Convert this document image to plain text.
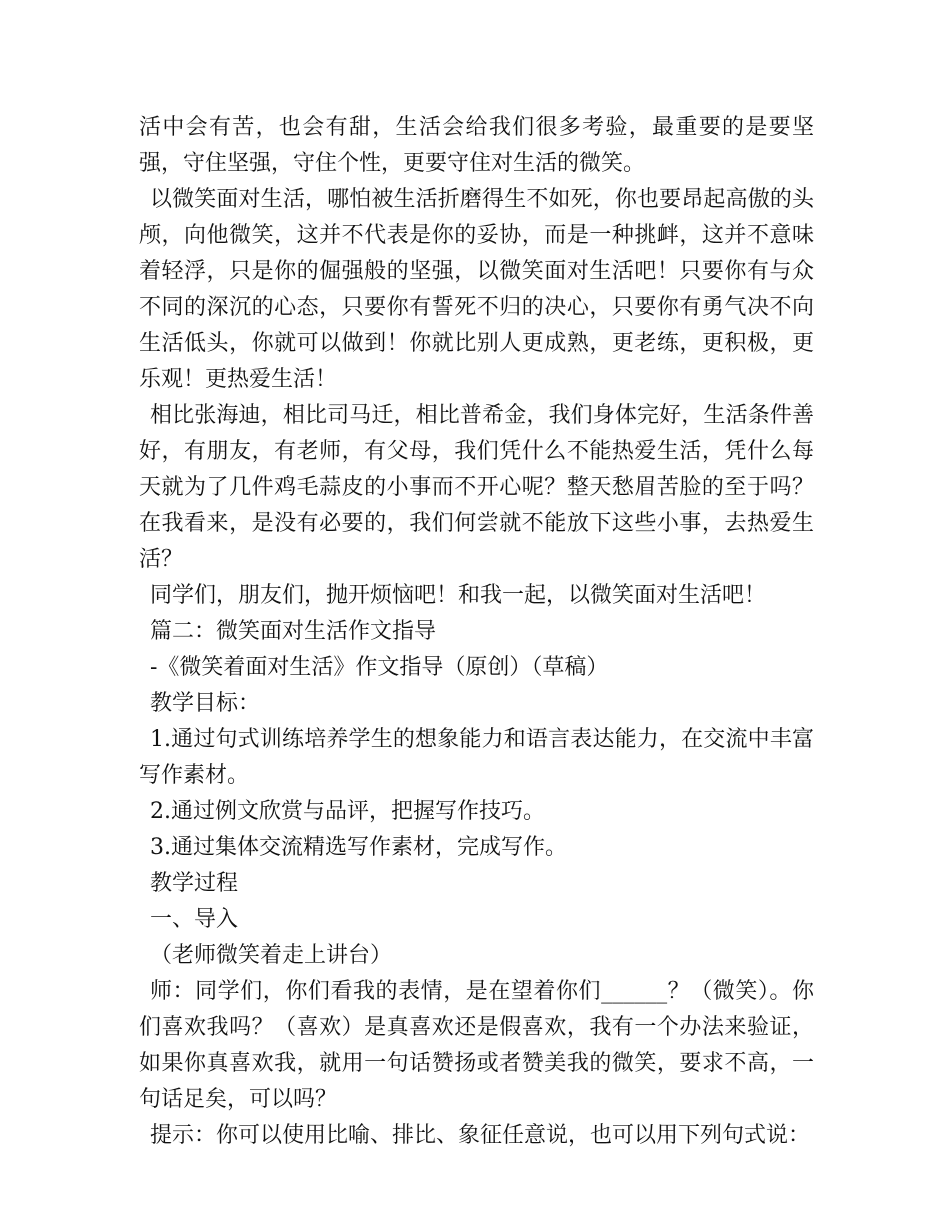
活中会有苦，也会有甜，生活会给我们很多考验，最重要的是要坚强，守住坚强，守住个性，更要守住对生活的微笑。

以微笑面对生活，哪怕被生活折磨得生不如死，你也要昂起高傲的头颅，向他微笑，这并不代表是你的妥协，而是一种挑衅，这并不意味着轻浮，只是你的倔强般的坚强，以微笑面对生活吧！只要你有与众不同的深沉的心态，只要你有誓死不归的决心，只要你有勇气决不向生活低头，你就可以做到！你就比别人更成熟，更老练，更积极，更乐观！更热爱生活！

相比张海迪，相比司马迁，相比普希金，我们身体完好，生活条件善好，有朋友，有老师，有父母，我们凭什么不能热爱生活，凭什么每天就为了几件鸡毛蒜皮的小事而不开心呢？整天愁眉苦脸的至于吗？在我看来，是没有必要的，我们何尝就不能放下这些小事，去热爱生活？

同学们，朋友们，抛开烦恼吧！和我一起，以微笑面对生活吧！

篇二：微笑面对生活作文指导

-《微笑着面对生活》作文指导（原创）（草稿）

教学目标：

1.通过句式训练培养学生的想象能力和语言表达能力，在交流中丰富写作素材。

2.通过例文欣赏与品评，把握写作技巧。

3.通过集体交流精选写作素材，完成写作。

教学过程

一、导入

（老师微笑着走上讲台）

师：同学们，你们看我的表情，是在望着你们______？（微笑）。你们喜欢我吗？（喜欢）是真喜欢还是假喜欢，我有一个办法来验证，如果你真喜欢我，就用一句话赞扬或者赞美我的微笑，要求不高，一句话足矣，可以吗？

提示：你可以使用比喻、排比、象征任意说，也可以用下列句式说：
